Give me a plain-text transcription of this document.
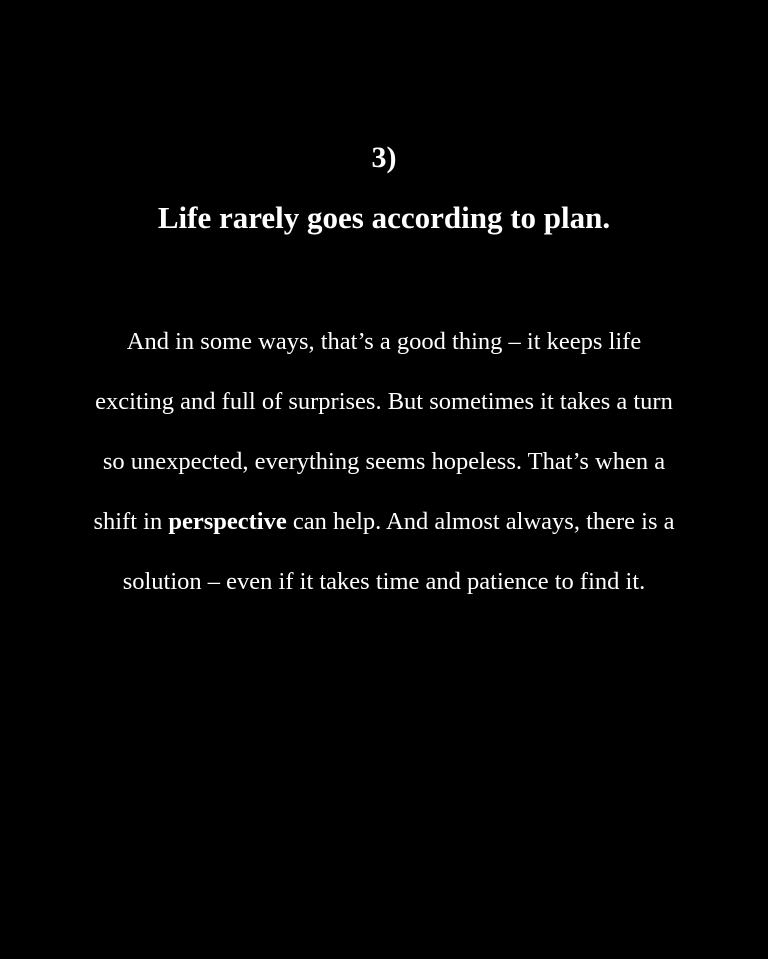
3)
Life rarely goes according to plan.
And in some ways, that’s a good thing – it keeps life
exciting and full of surprises. But sometimes it takes a turn
so unexpected, everything seems hopeless. That’s when a
shift in perspective can help. And almost always, there is a
solution – even if it takes time and patience to find it.
